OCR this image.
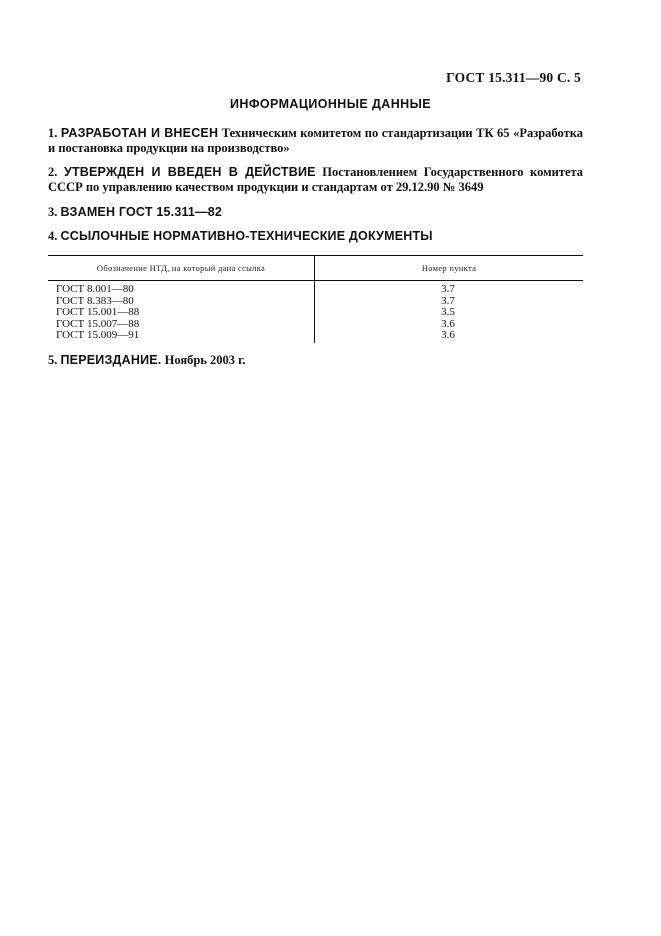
ГОСТ 15.311—90 С. 5
ИНФОРМАЦИОННЫЕ ДАННЫЕ
1. РАЗРАБОТАН И ВНЕСЕН Техническим комитетом по стандартизации ТК 65 «Разработка и постановка продукции на производство»
2. УТВЕРЖДЕН И ВВЕДЕН В ДЕЙСТВИЕ Постановлением Государственного комитета СССР по управлению качеством продукции и стандартам от 29.12.90 № 3649
3. ВЗАМЕН ГОСТ 15.311—82
4. ССЫЛОЧНЫЕ НОРМАТИВНО-ТЕХНИЧЕСКИЕ ДОКУМЕНТЫ
Обозначение НТД, на который дана ссылка	Номер пункта
ГОСТ 8.001—80	3.7
ГОСТ 8.383—80	3.7
ГОСТ 15.001—88	3.5
ГОСТ 15.007—88	3.6
ГОСТ 15.009—91	3.6
5. ПЕРЕИЗДАНИЕ. Ноябрь 2003 г.
